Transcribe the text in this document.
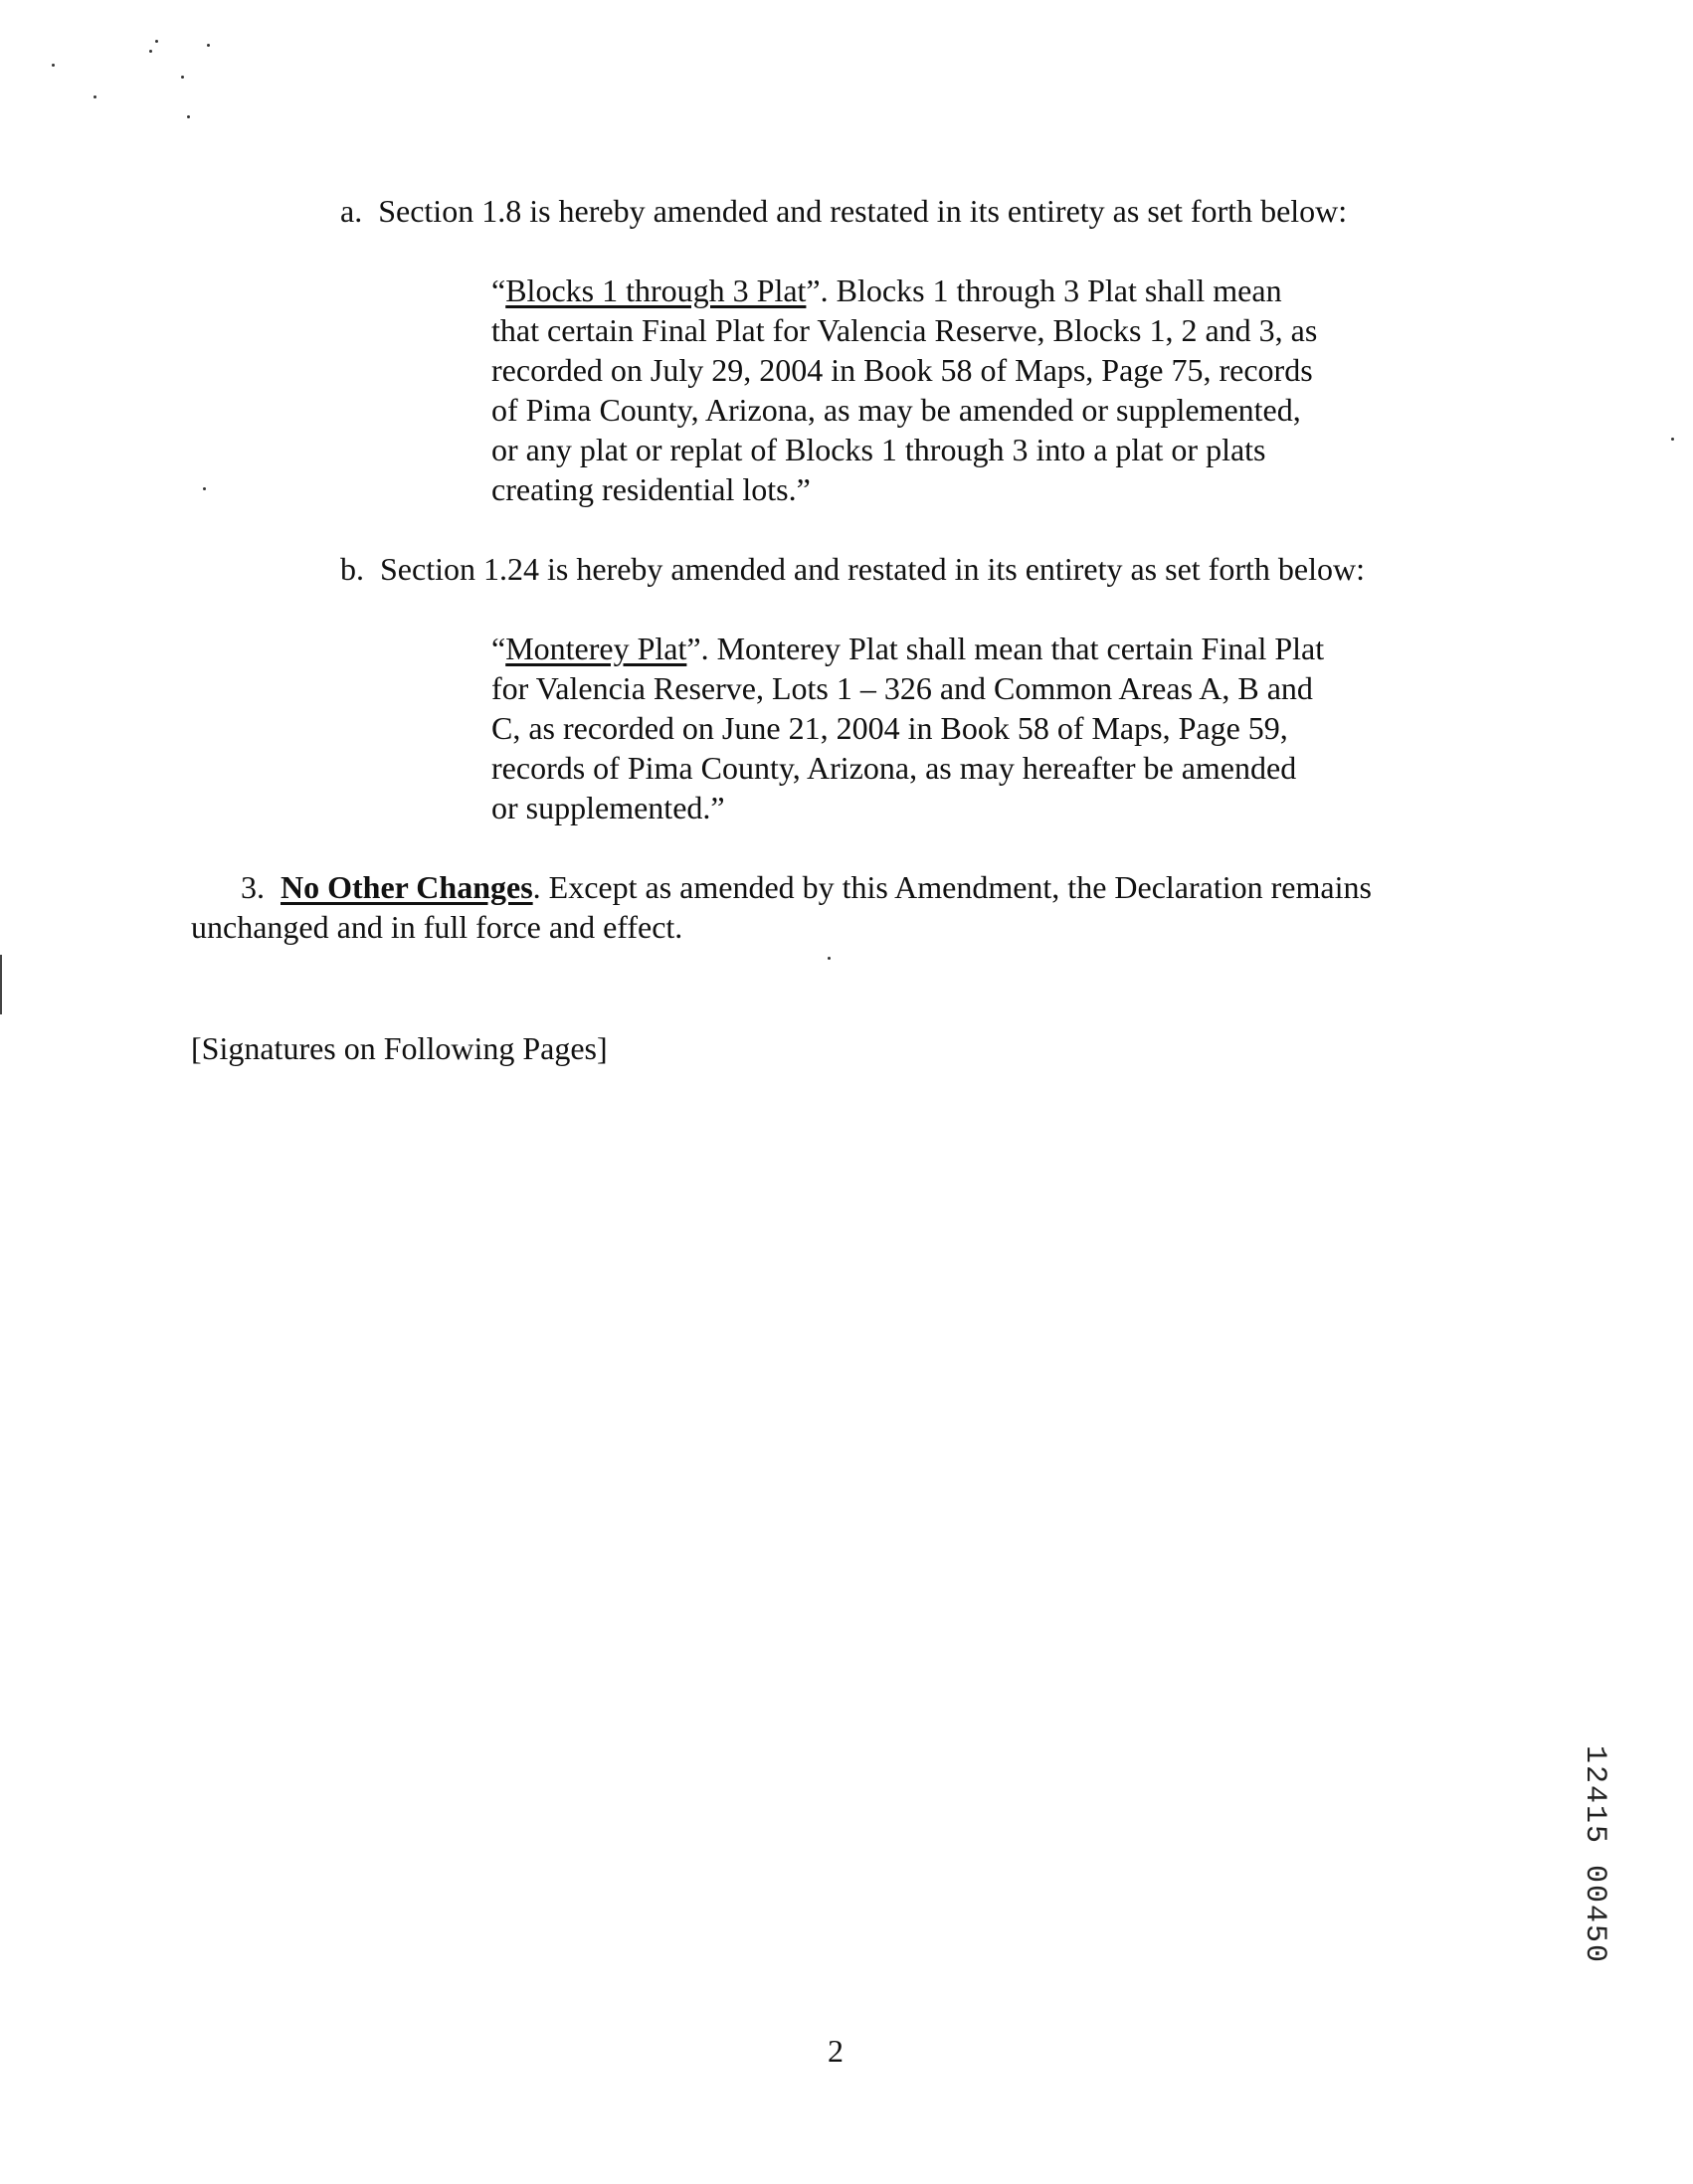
a. Section 1.8 is hereby amended and restated in its entirety as set forth below:
“Blocks 1 through 3 Plat”. Blocks 1 through 3 Plat shall mean
that certain Final Plat for Valencia Reserve, Blocks 1, 2 and 3, as
recorded on July 29, 2004 in Book 58 of Maps, Page 75, records
of Pima County, Arizona, as may be amended or supplemented,
or any plat or replat of Blocks 1 through 3 into a plat or plats
creating residential lots.”
b. Section 1.24 is hereby amended and restated in its entirety as set forth below:
“Monterey Plat”. Monterey Plat shall mean that certain Final Plat
for Valencia Reserve, Lots 1 – 326 and Common Areas A, B and
C, as recorded on June 21, 2004 in Book 58 of Maps, Page 59,
records of Pima County, Arizona, as may hereafter be amended
or supplemented.”
3. No Other Changes. Except as amended by this Amendment, the Declaration remains
unchanged and in full force and effect.
[Signatures on Following Pages]
12415 00450
2
